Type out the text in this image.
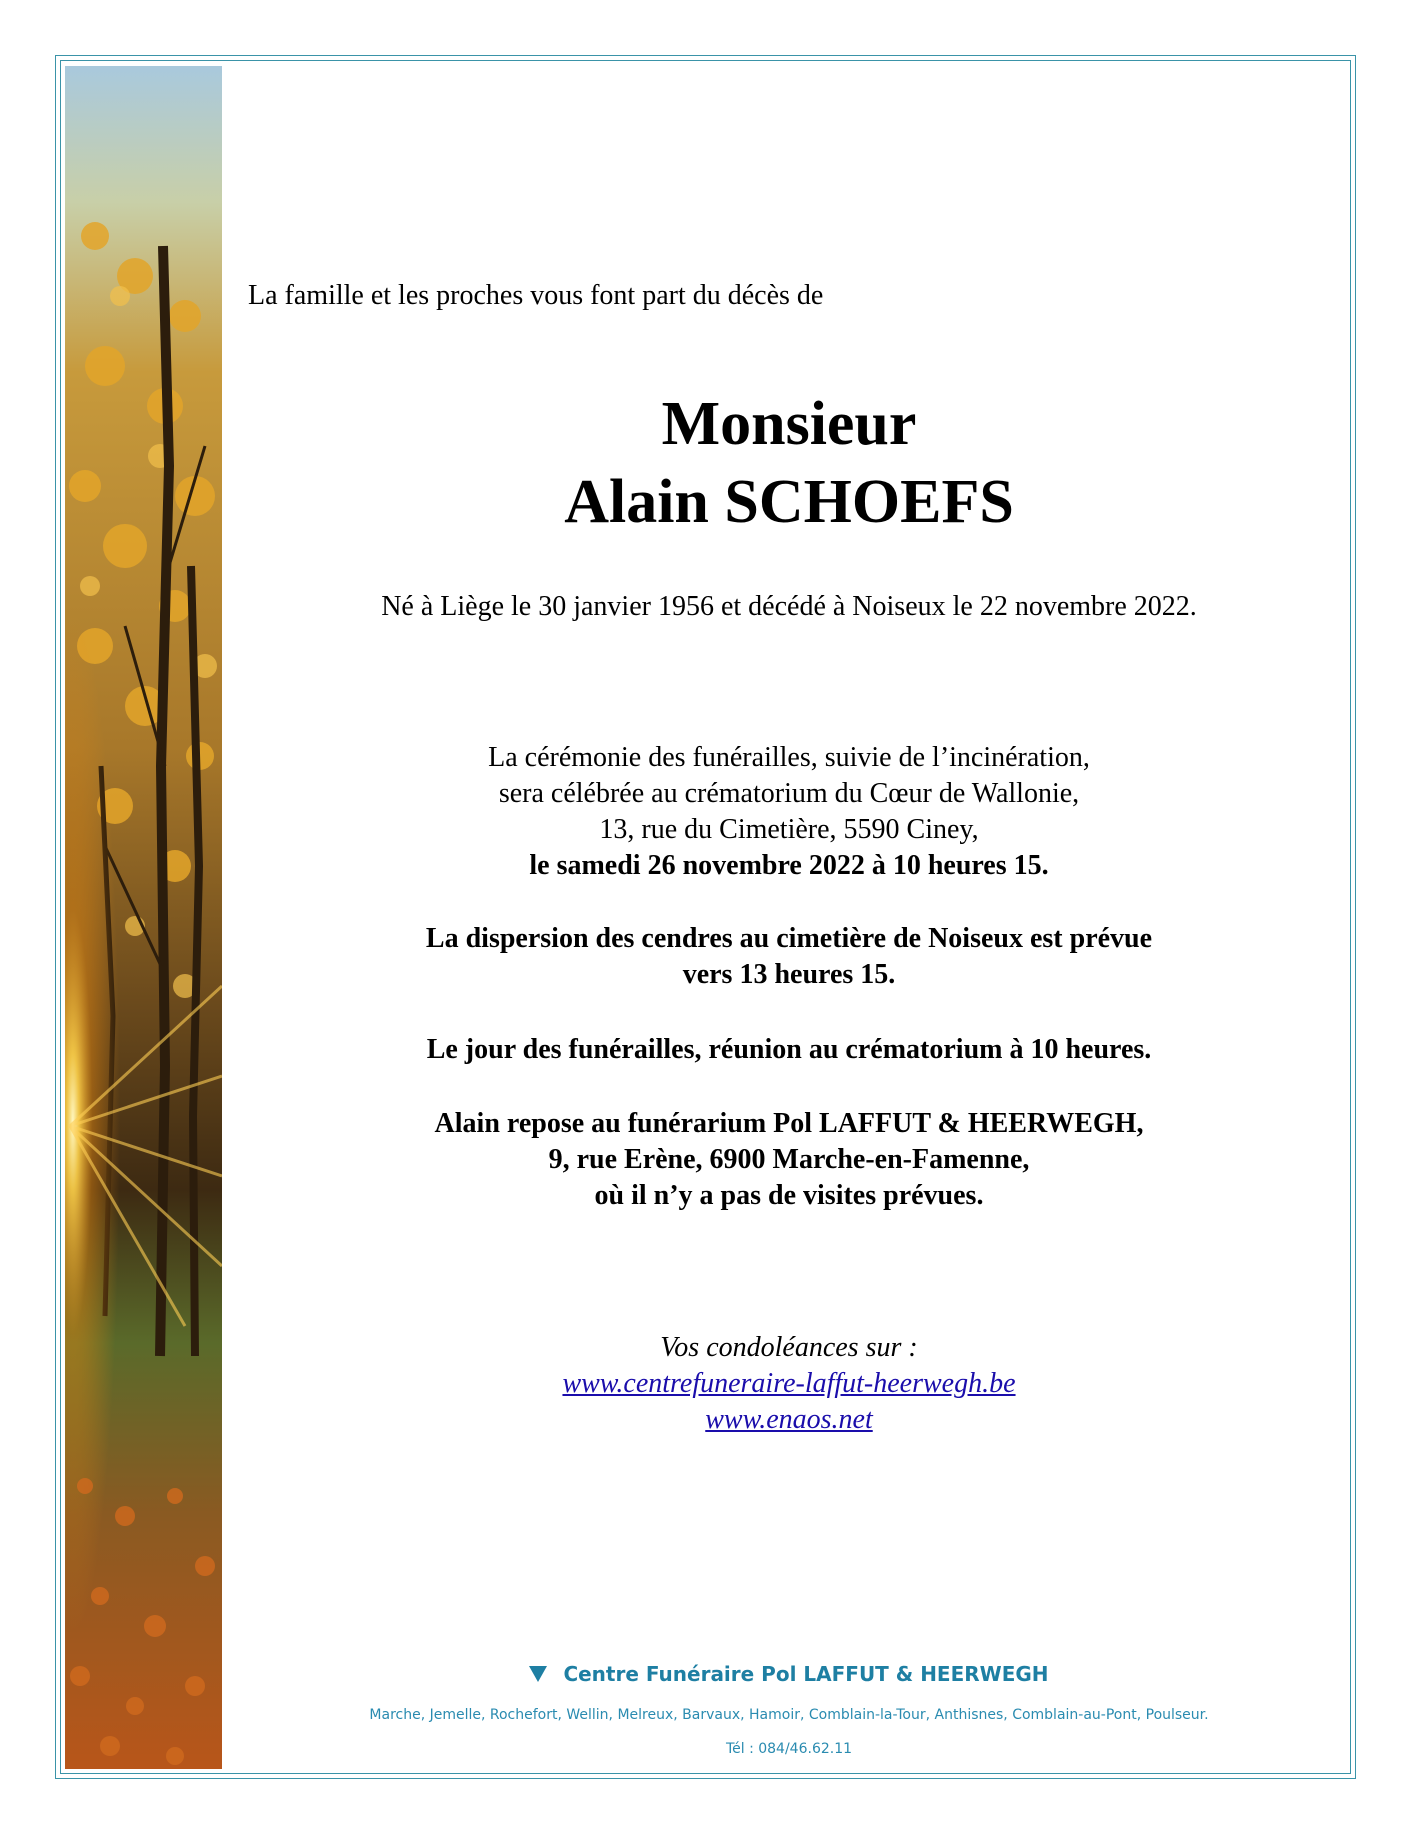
La famille et les proches vous font part du décès de
Monsieur
Alain SCHOEFS
Né à Liège le 30 janvier 1956 et décédé à Noiseux le 22 novembre 2022.
La cérémonie des funérailles, suivie de l’incinération,
sera célébrée au crématorium du Cœur de Wallonie,
13, rue du Cimetière, 5590 Ciney,
le samedi 26 novembre 2022 à 10 heures 15.
La dispersion des cendres au cimetière de Noiseux est prévue
vers 13 heures 15.
Le jour des funérailles, réunion au crématorium à 10 heures.
Alain repose au funérarium Pol LAFFUT & HEERWEGH,
9, rue Erène, 6900 Marche-en-Famenne,
où il n’y a pas de visites prévues.
Vos condoléances sur :
www.centrefuneraire-laffut-heerwegh.be
www.enaos.net
Centre Funéraire Pol LAFFUT & HEERWEGH
Marche, Jemelle, Rochefort, Wellin, Melreux, Barvaux, Hamoir, Comblain-la-Tour, Anthisnes, Comblain-au-Pont, Poulseur.
Tél : 084/46.62.11
